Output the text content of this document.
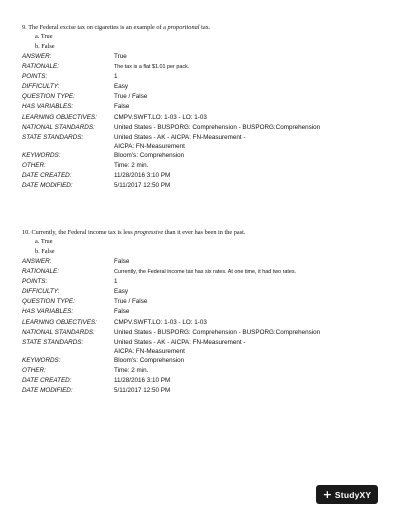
9. The Federal excise tax on cigarettes is an example of a proportional tax.
a. True
b. False
ANSWER:	True
RATIONALE:	The tax is a flat $1.01 per pack.
POINTS:	1
DIFFICULTY:	Easy
QUESTION TYPE:	True / False
HAS VARIABLES:	False
LEARNING OBJECTIVES:	CMPV.SWFT.LO: 1-03 - LO: 1-03
NATIONAL STANDARDS:	United States - BUSPORG: Comprehension - BUSPORG:Comprehension
STATE STANDARDS:	United States - AK - AICPA: FN-Measurement -
AICPA: FN-Measurement
KEYWORDS:	Bloom's: Comprehension
OTHER:	Time: 2 min.
DATE CREATED:	11/28/2016 3:10 PM
DATE MODIFIED:	5/11/2017 12:50 PM
10. Currently, the Federal income tax is less progressive than it ever has been in the past.
a. True
b. False
ANSWER:	False
RATIONALE:	Currently, the Federal income tax has six rates. At one time, it had two rates.
POINTS:	1
DIFFICULTY:	Easy
QUESTION TYPE:	True / False
HAS VARIABLES:	False
LEARNING OBJECTIVES:	CMPV.SWFT.LO: 1-03 - LO: 1-03
NATIONAL STANDARDS:	United States - BUSPORG: Comprehension - BUSPORG:Comprehension
STATE STANDARDS:	United States - AK - AICPA: FN-Measurement -
AICPA: FN-Measurement
KEYWORDS:	Bloom's: Comprehension
OTHER:	Time: 2 min.
DATE CREATED:	11/28/2016 3:10 PM
DATE MODIFIED:	5/11/2017 12:50 PM
+ StudyXY
